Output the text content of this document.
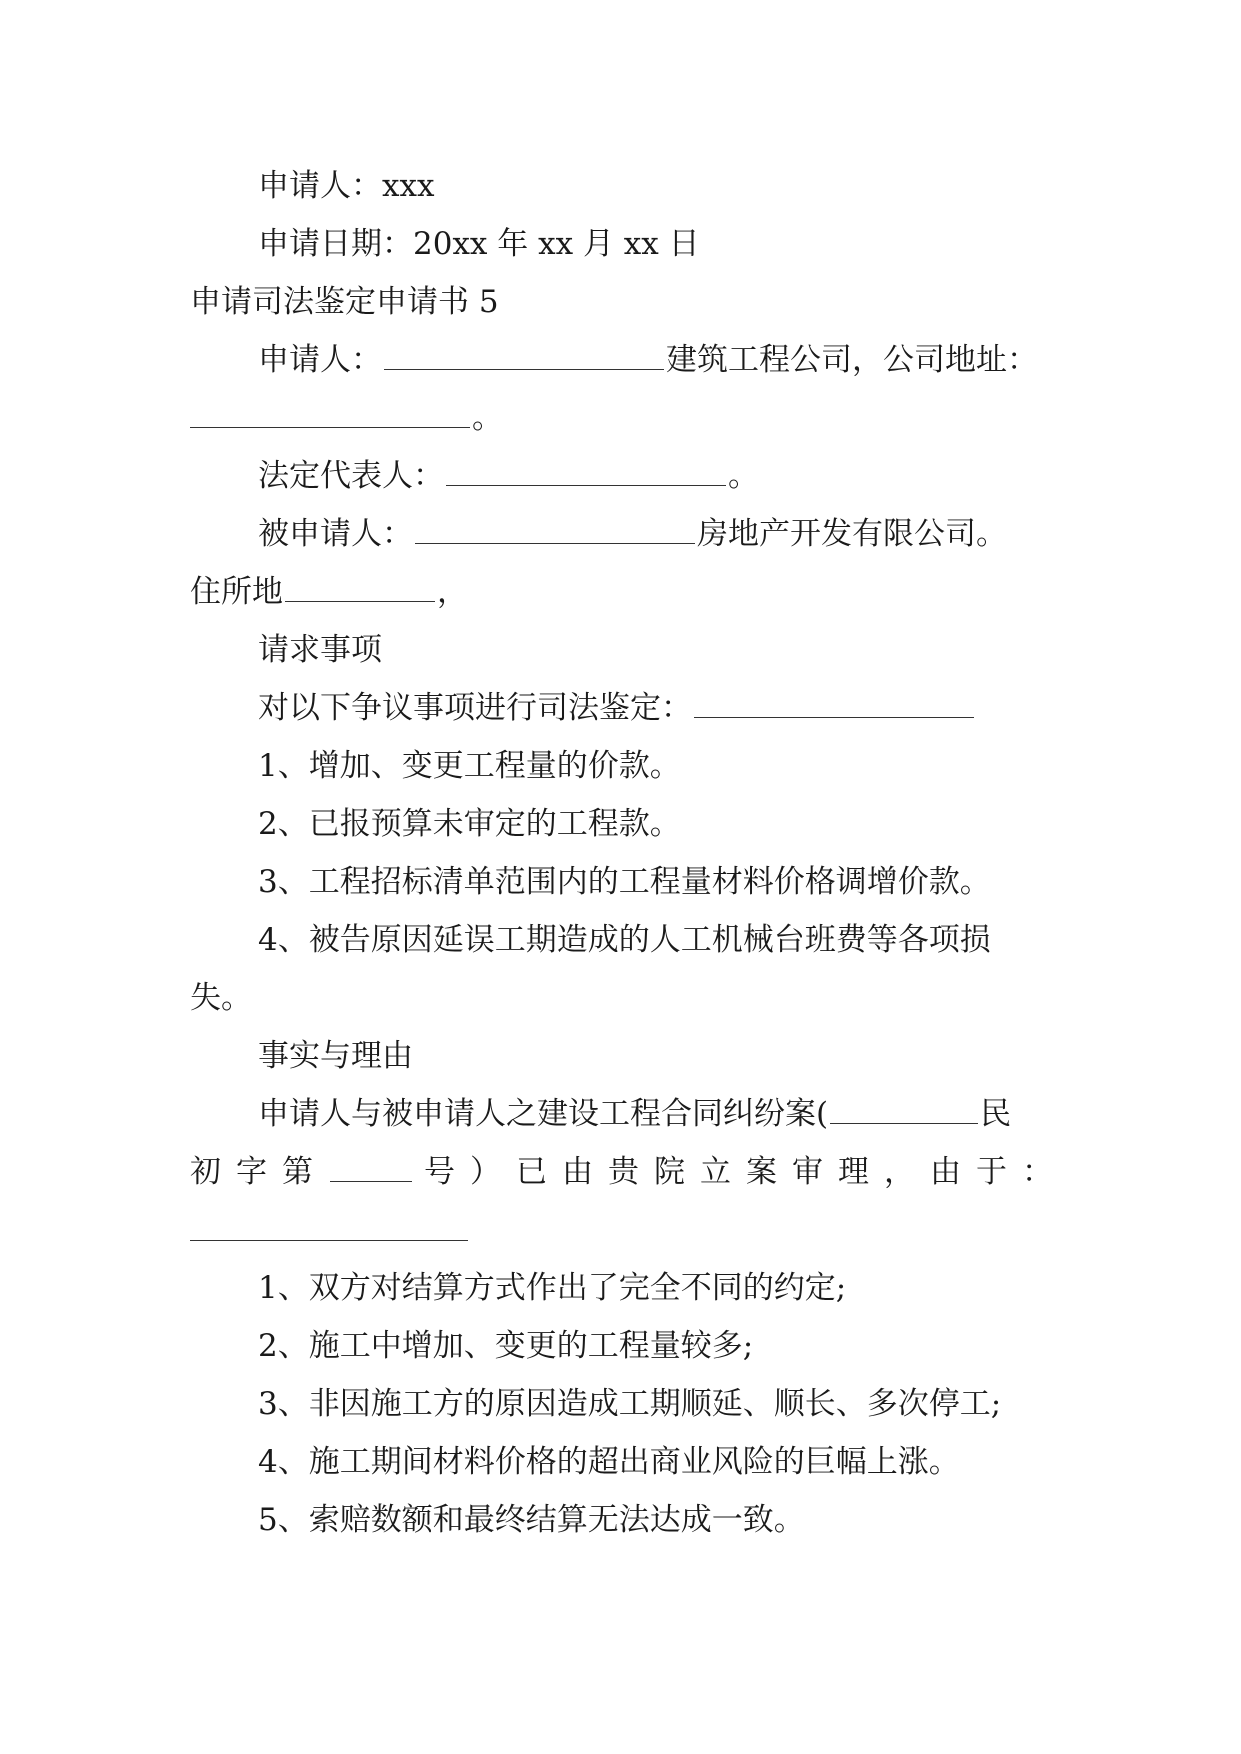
申请人：xxx
申请日期：20xx 年 xx 月 xx 日
申请司法鉴定申请书 5
申请人：	建筑工程公司，公司地址：
。
法定代表人：	。
被申请人：	房地产开发有限公司。
住所地	，
请求事项
对以下争议事项进行司法鉴定：
1、增加、变更工程量的价款。
2、已报预算未审定的工程款。
3、工程招标清单范围内的工程量材料价格调增价款。
4、被告原因延误工期造成的人工机械台班费等各项损
失。
事实与理由
申请人与被申请人之建设工程合同纠纷案(	民
初字第	号）已由贵院立案审理，由于：
1、双方对结算方式作出了完全不同的约定;
2、施工中增加、变更的工程量较多;
3、非因施工方的原因造成工期顺延、顺长、多次停工;
4、施工期间材料价格的超出商业风险的巨幅上涨。
5、索赔数额和最终结算无法达成一致。
